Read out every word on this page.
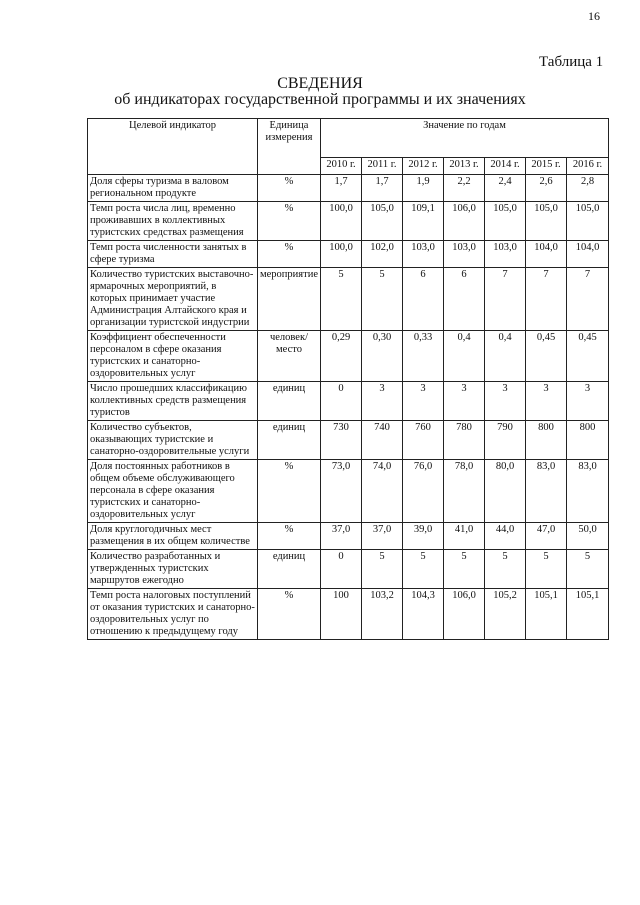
16
Таблица 1
СВЕДЕНИЯ
об индикаторах государственной программы и их значениях
Целевой индикатор	Единица измерения	Значение по годам						
		2010 г.	2011 г.	2012 г.	2013 г.	2014 г.	2015 г.	2016 г.
Доля сферы туризма в валовом региональном продукте	%	1,7	1,7	1,9	2,2	2,4	2,6	2,8
Темп роста числа лиц, временно проживавших в коллективных туристских средствах размещения	%	100,0	105,0	109,1	106,0	105,0	105,0	105,0
Темп роста численности занятых в сфере туризма	%	100,0	102,0	103,0	103,0	103,0	104,0	104,0
Количество туристских выставочно-ярмарочных мероприятий, в которых принимает участие Администрация Алтайского края и организации туристской индустрии	мероприятие	5	5	6	6	7	7	7
Коэффициент обеспеченности персоналом в сфере оказания туристских и санаторно-оздоровительных услуг	человек/место	0,29	0,30	0,33	0,4	0,4	0,45	0,45
Число прошедших классификацию коллективных средств размещения туристов	единиц	0	3	3	3	3	3	3
Количество субъектов, оказывающих туристские и санаторно-оздоровительные услуги	единиц	730	740	760	780	790	800	800
Доля постоянных работников в общем объеме обслуживающего персонала в сфере оказания туристских и санаторно-оздоровительных услуг	%	73,0	74,0	76,0	78,0	80,0	83,0	83,0
Доля круглогодичных мест размещения в их общем количестве	%	37,0	37,0	39,0	41,0	44,0	47,0	50,0
Количество разработанных и утвержденных туристских маршрутов ежегодно	единиц	0	5	5	5	5	5	5
Темп роста налоговых поступлений от оказания туристских и санаторно-оздоровительных услуг по отношению к предыдущему году	%	100	103,2	104,3	106,0	105,2	105,1	105,1
